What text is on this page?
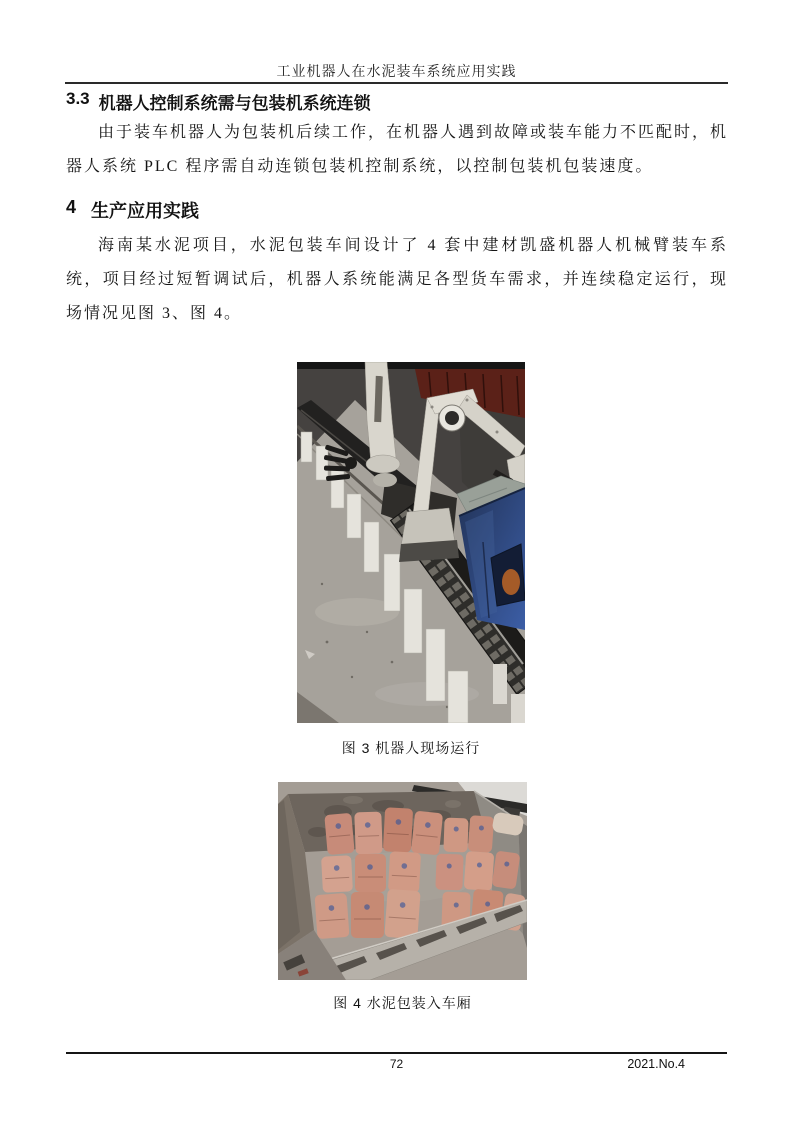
工业机器人在水泥装车系统应用实践
3.3 机器人控制系统需与包装机系统连锁

由于装车机器人为包装机后续工作，在机器人遇到故障或装车能力不匹配时，机器人系统 PLC 程序需自动连锁包装机控制系统，以控制包装机包装速度。

4 生产应用实践

海南某水泥项目，水泥包装车间设计了 4 套中建材凯盛机器人机械臂装车系统，项目经过短暂调试后，机器人系统能满足各型货车需求，并连续稳定运行，现场情况见图 3、图 4。

图 3 机器人现场运行
图 4 水泥包装入车厢
72	2021.No.4
